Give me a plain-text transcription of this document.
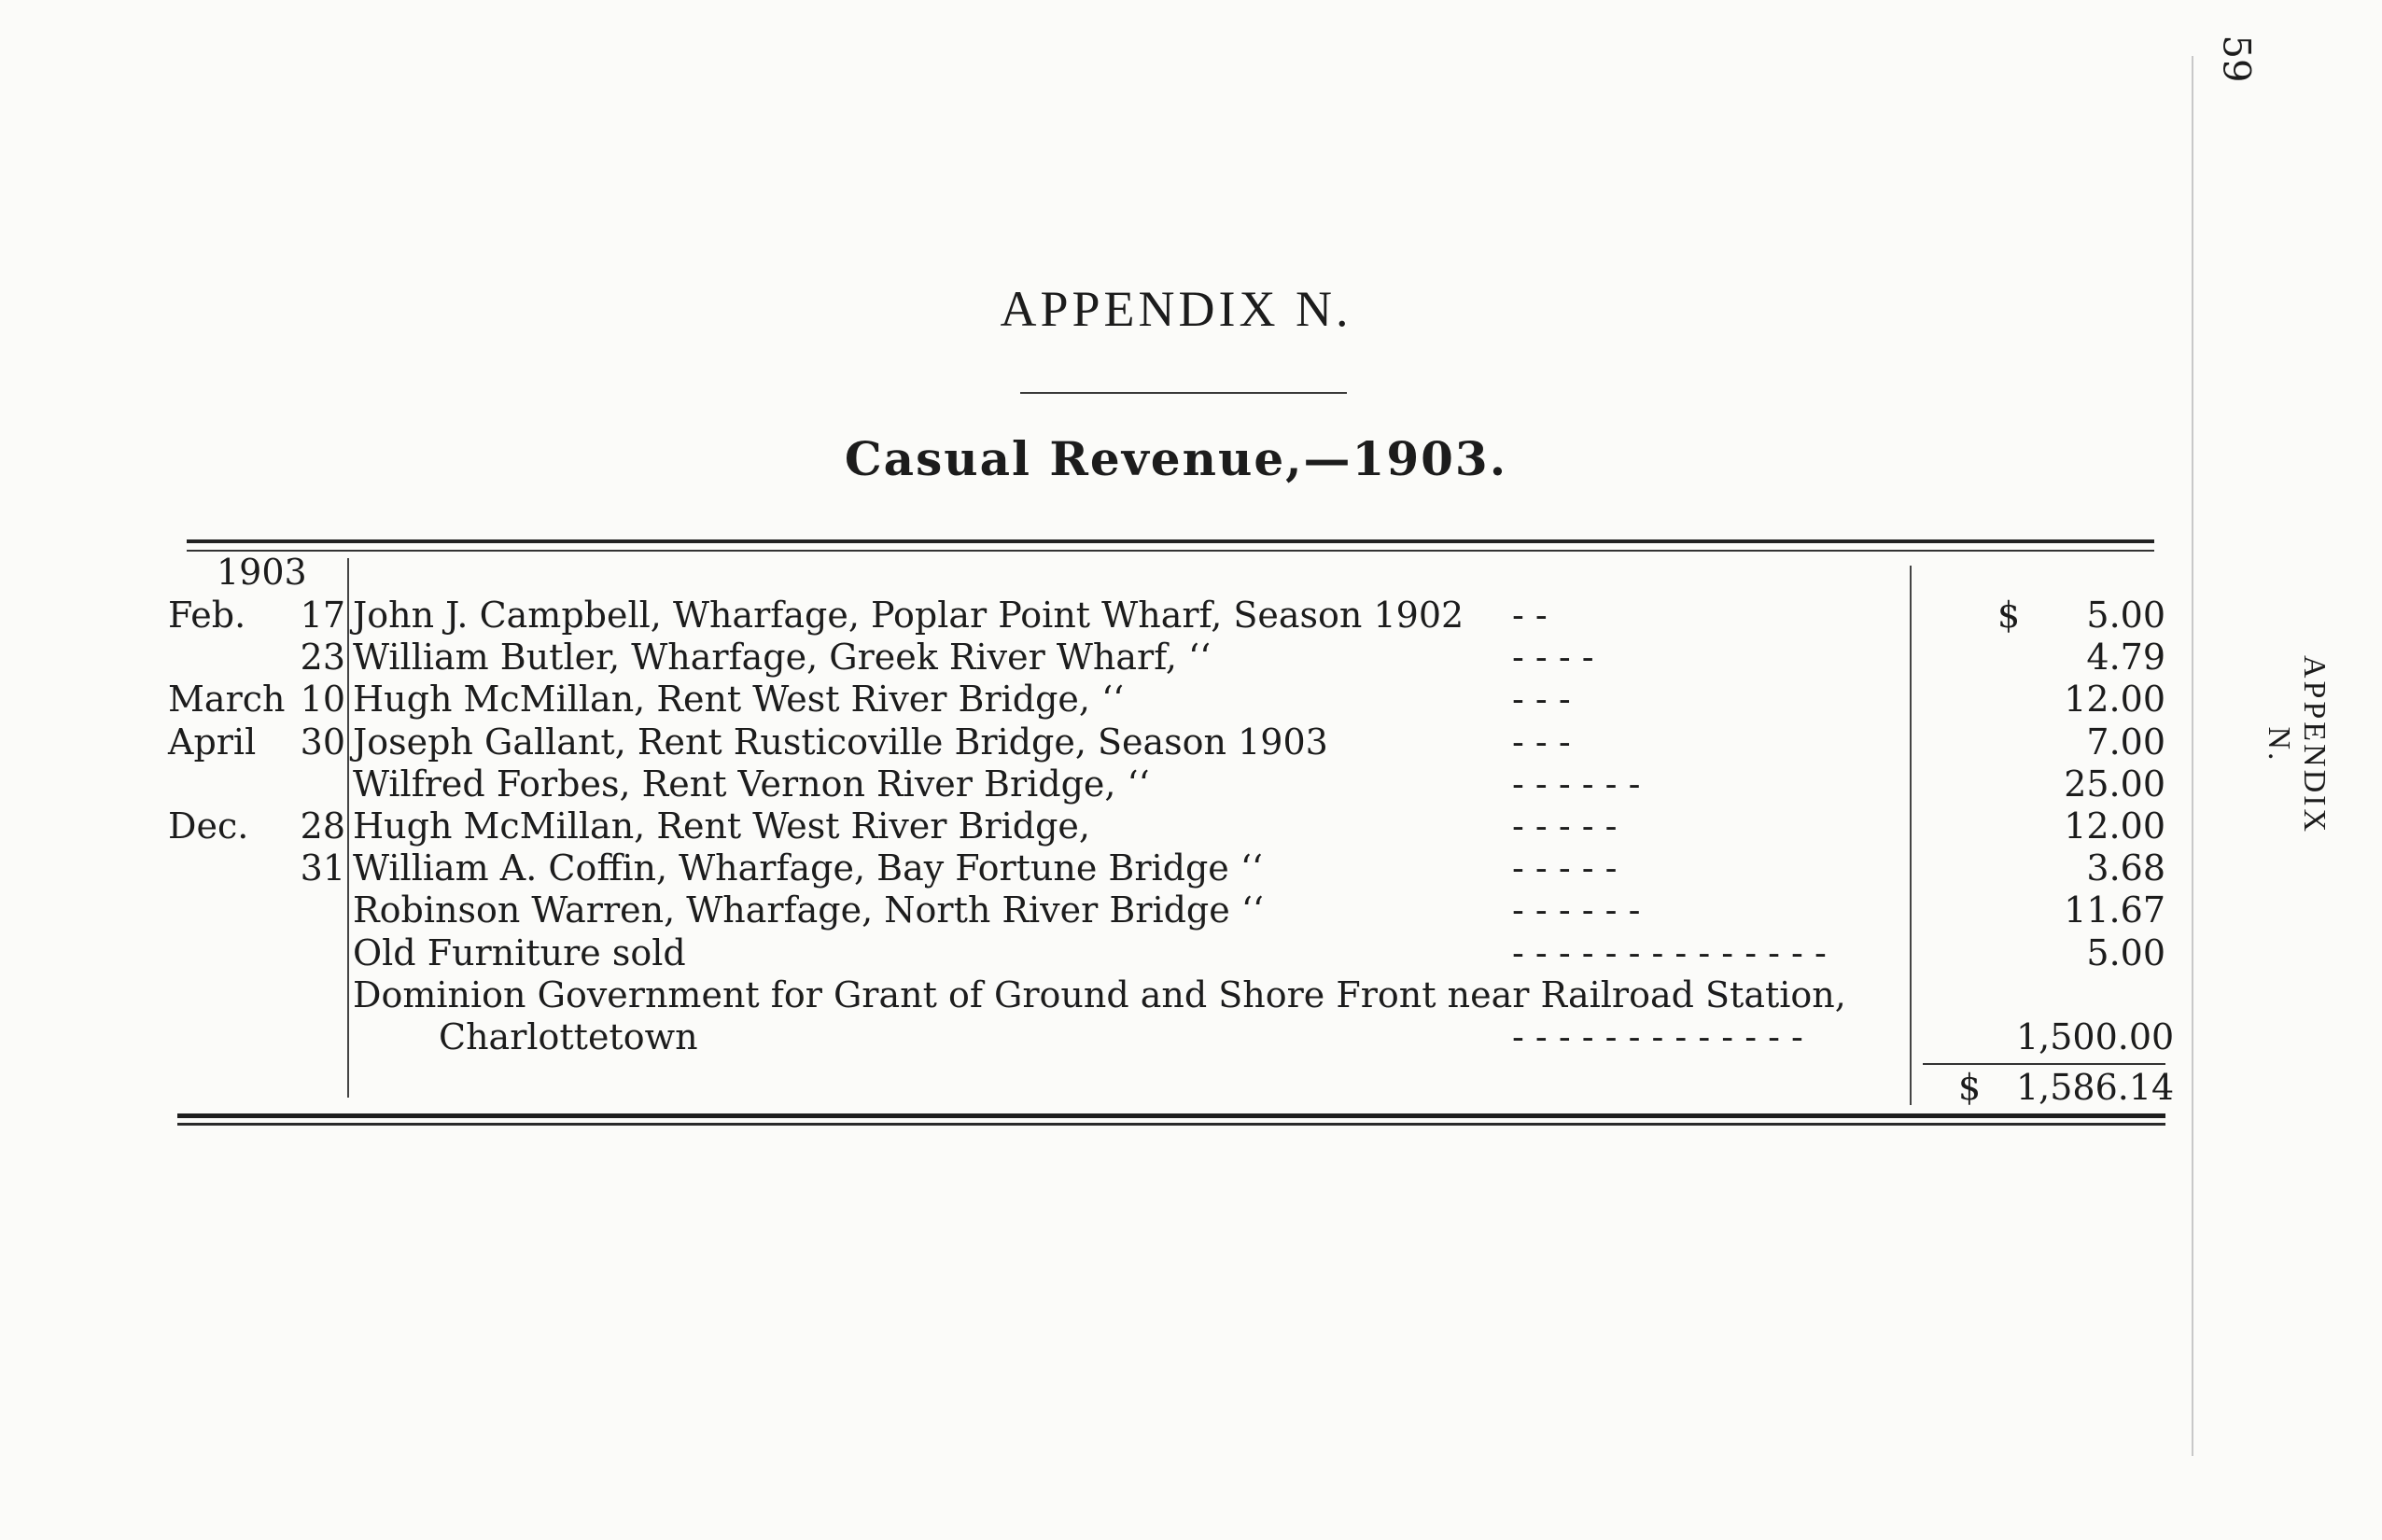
59
APPENDIX N.
APPENDIX N.
Casual Revenue,—1903.
1903
Feb.	17 John J. Campbell, Wharfage, Poplar Point Wharf, Season 1902 - -	$	5.00
23 William Butler, Wharfage, Greek River Wharf, ‘‘	- - - -	4.79
March 10 Hugh McMillan, Rent West River Bridge, ‘‘	- - -	12.00
April	30 Joseph Gallant, Rent Rusticoville Bridge, Season 1903	- - -	7.00
Wilfred Forbes, Rent Vernon River Bridge, ‘‘	- - - - - -	25.00
Dec.	28 Hugh McMillan, Rent West River Bridge,	- - - - -	12.00
31 William A. Coffin, Wharfage, Bay Fortune Bridge ‘‘	- - - - -	3.68
Robinson Warren, Wharfage, North River Bridge ‘‘	- - - - - -	11.67
Old Furniture sold	- - - - - - - - - - - - - -	5.00
Dominion Government for Grant of Ground and Shore Front near Railroad Station,
Charlottetown	- - - - - - - - - - - - -	1,500.00
$ 1,586.14
